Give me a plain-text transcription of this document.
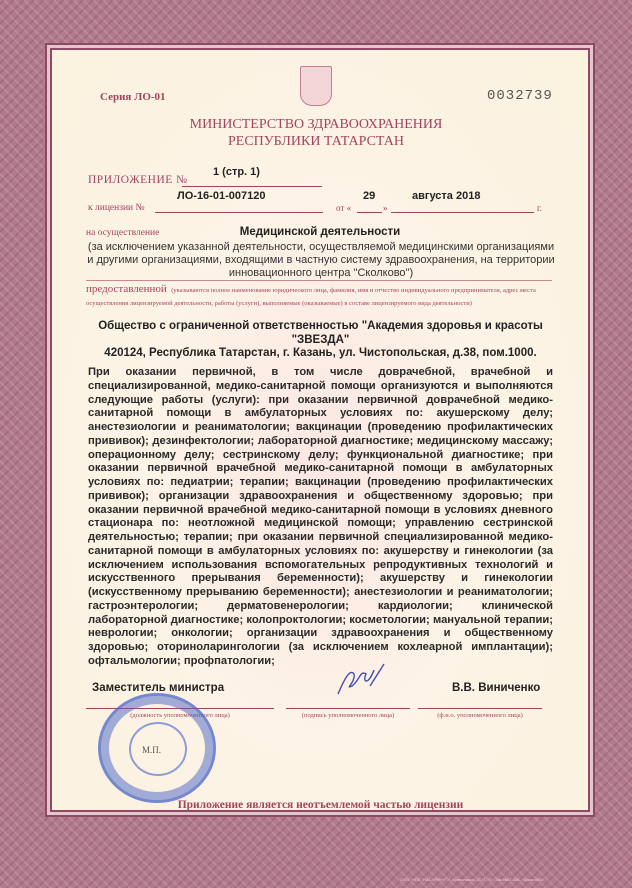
Серия ЛО-01	0032739
МИНИСТЕРСТВО ЗДРАВООХРАНЕНИЯ
РЕСПУБЛИКИ ТАТАРСТАН
ПРИЛОЖЕНИЕ №
1 (стр. 1)
к лицензии №
ЛО-16-01-007120
от «	»
29	августа 2018
г.
на осуществление	Медицинской деятельности
(за исключением указанной деятельности, осуществляемой медицинскими организациями и другими организациями, входящими в частную систему здравоохранения, на территории инновационного центра "Сколково")
предоставленной (указываются полное наименование юридического лица, фамилия, имя и отчество индивидуального предпринимателя, адрес места осуществления лицензируемой деятельности, работы (услуги), выполняемые (оказываемые) в составе лицензируемого вида деятельности)
Общество с ограниченной ответственностью "Академия здоровья и красоты "ЗВЕЗДА"
420124, Республика Татарстан, г. Казань, ул. Чистопольская, д.38, пом.1000.
При оказании первичной, в том числе доврачебной, врачебной и специализированной, медико-санитарной помощи организуются и выполняются следующие работы (услуги): при оказании первичной доврачебной медико-санитарной помощи в амбулаторных условиях по: акушерскому делу; анестезиологии и реаниматологии; вакцинации (проведению профилактических прививок); дезинфектологии; лабораторной диагностике; медицинскому массажу; операционному делу; сестринскому делу; функциональной диагностике; при оказании первичной врачебной медико-санитарной помощи в амбулаторных условиях по: педиатрии; терапии; вакцинации (проведению профилактических прививок); организации здравоохранения и общественному здоровью; при оказании первичной врачебной медико-санитарной помощи в условиях дневного стационара по: неотложной медицинской помощи; управлению сестринской деятельностью; терапии; при оказании первичной специализированной медико-санитарной помощи в амбулаторных условиях по: акушерству и гинекологии (за исключением использования вспомогательных репродуктивных технологий и искусственного прерывания беременности); акушерству и гинекологии (искусственному прерыванию беременности); анестезиологии и реаниматологии; гастроэнтерологии; дерматовенерологии; кардиологии; клинической лабораторной диагностике; колопроктологии; косметологии; мануальной терапии; неврологии; онкологии; организации здравоохранения и общественному здоровью; оториноларингологии (за исключением кохлеарной имплантации); офтальмологии; профпатологии;
Заместитель министра	В.В. Виниченко
(должность уполномоченного лица)	(подпись уполномоченного лица)	(ф.и.о. уполномоченного лица)
М.П.
Приложение является неотъемлемой частью лицензии
ООО "НПО "НАСПРИНТ", г. Всеволожск, 2017, "Б", Зак.№07-336, Тираж 4000
